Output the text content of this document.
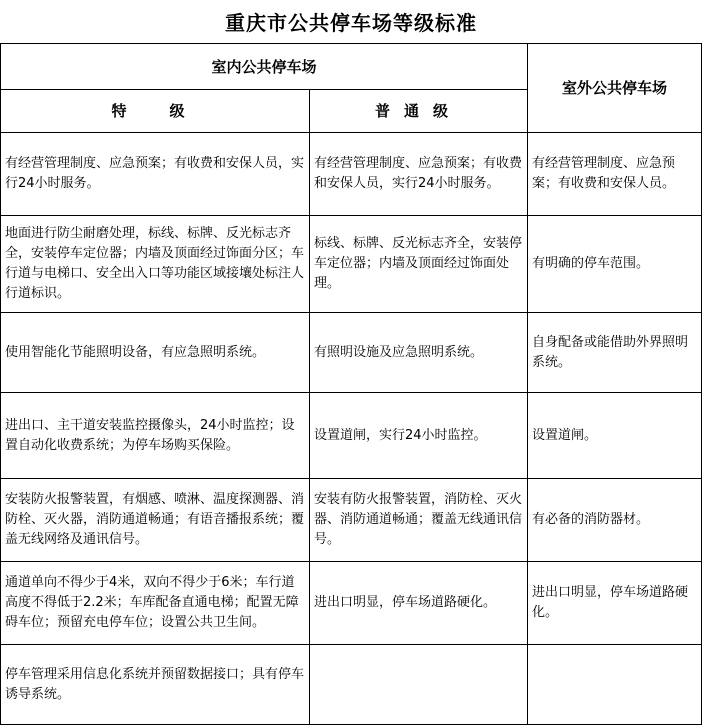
重庆市公共停车场等级标准
室内公共停车场		室外公共停车场
特　级	普通级	
有经营管理制度、应急预案；有收费和安保人员，实行24小时服务。	有经营管理制度、应急预案；有收费和安保人员，实行24小时服务。	有经营管理制度、应急预案；有收费和安保人员。
地面进行防尘耐磨处理，标线、标牌、反光标志齐全，安装停车定位器；内墙及顶面经过饰面分区；车行道与电梯口、安全出入口等功能区域接壤处标注人行道标识。	标线、标牌、反光标志齐全，安装停车定位器；内墙及顶面经过饰面处理。	有明确的停车范围。
使用智能化节能照明设备，有应急照明系统。	有照明设施及应急照明系统。	自身配备或能借助外界照明系统。
进出口、主干道安装监控摄像头，24小时监控；设置自动化收费系统；为停车场购买保险。	设置道闸，实行24小时监控。	设置道闸。
安装防火报警装置，有烟感、喷淋、温度探测器、消防栓、灭火器，消防通道畅通；有语音播报系统；覆盖无线网络及通讯信号。	安装有防火报警装置，消防栓、灭火器、消防通道畅通；覆盖无线通讯信号。	有必备的消防器材。
通道单向不得少于4米，双向不得少于6米；车行道高度不得低于2.2米；车库配备直通电梯；配置无障碍车位；预留充电停车位；设置公共卫生间。	进出口明显，停车场道路硬化。	进出口明显，停车场道路硬化。
停车管理采用信息化系统并预留数据接口；具有停车诱导系统。		
